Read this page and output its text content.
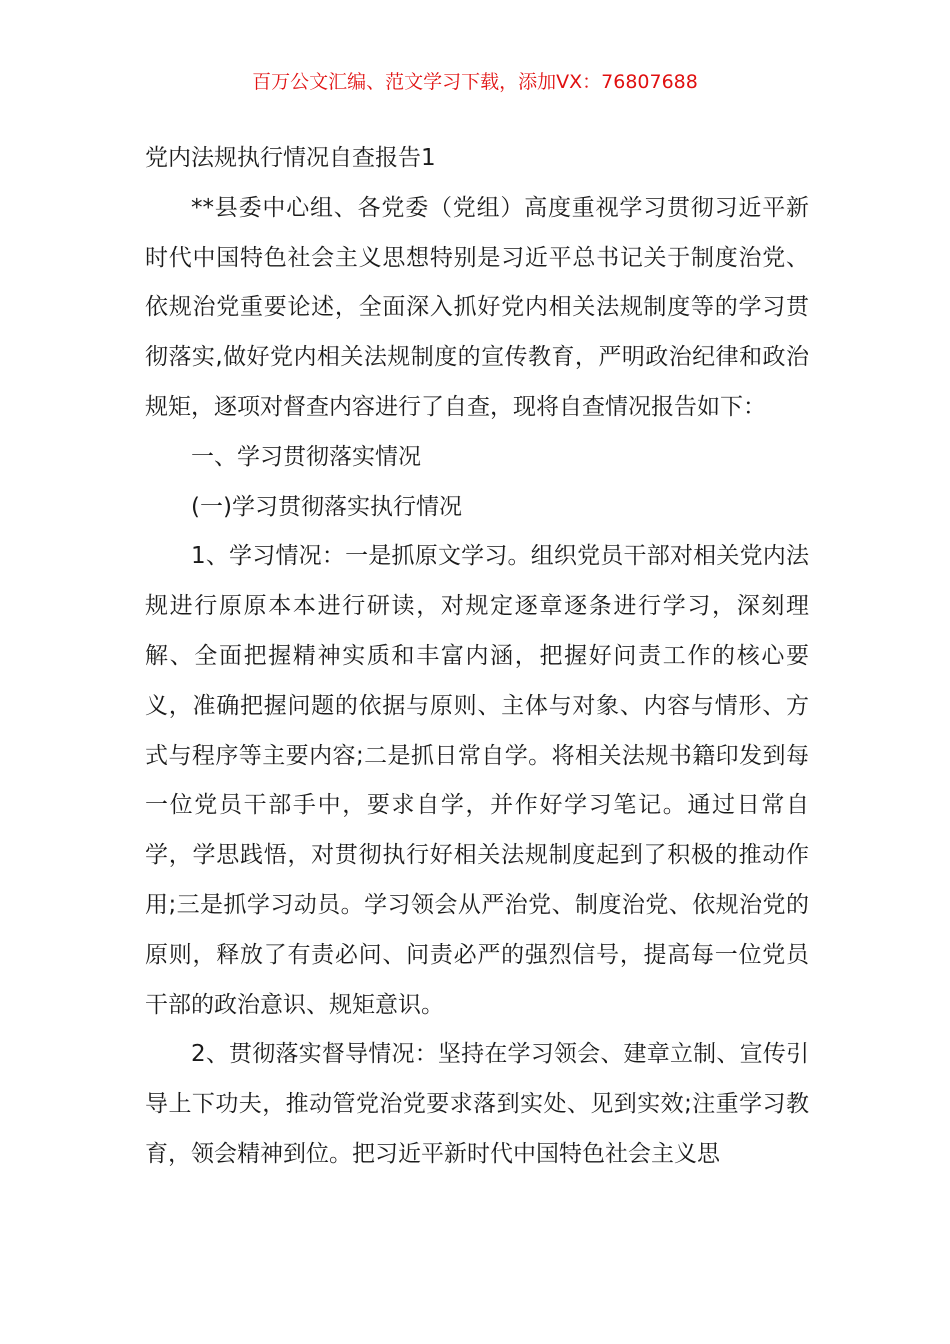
百万公文汇编、范文学习下载，添加VX：76807688

党内法规执行情况自查报告1

**县委中心组、各党委（党组）高度重视学习贯彻习近平新时代中国特色社会主义思想特别是习近平总书记关于制度治党、依规治党重要论述，全面深入抓好党内相关法规制度等的学习贯彻落实,做好党内相关法规制度的宣传教育，严明政治纪律和政治规矩，逐项对督查内容进行了自查，现将自查情况报告如下：

一、学习贯彻落实情况

(一)学习贯彻落实执行情况

1、学习情况：一是抓原文学习。组织党员干部对相关党内法规进行原原本本进行研读，对规定逐章逐条进行学习，深刻理解、全面把握精神实质和丰富内涵，把握好问责工作的核心要义，准确把握问题的依据与原则、主体与对象、内容与情形、方式与程序等主要内容;二是抓日常自学。将相关法规书籍印发到每一位党员干部手中，要求自学，并作好学习笔记。通过日常自学，学思践悟，对贯彻执行好相关法规制度起到了积极的推动作用;三是抓学习动员。学习领会从严治党、制度治党、依规治党的原则，释放了有责必问、问责必严的强烈信号，提高每一位党员干部的政治意识、规矩意识。

2、贯彻落实督导情况：坚持在学习领会、建章立制、宣传引导上下功夫，推动管党治党要求落到实处、见到实效;注重学习教育，领会精神到位。把习近平新时代中国特色社会主义思
